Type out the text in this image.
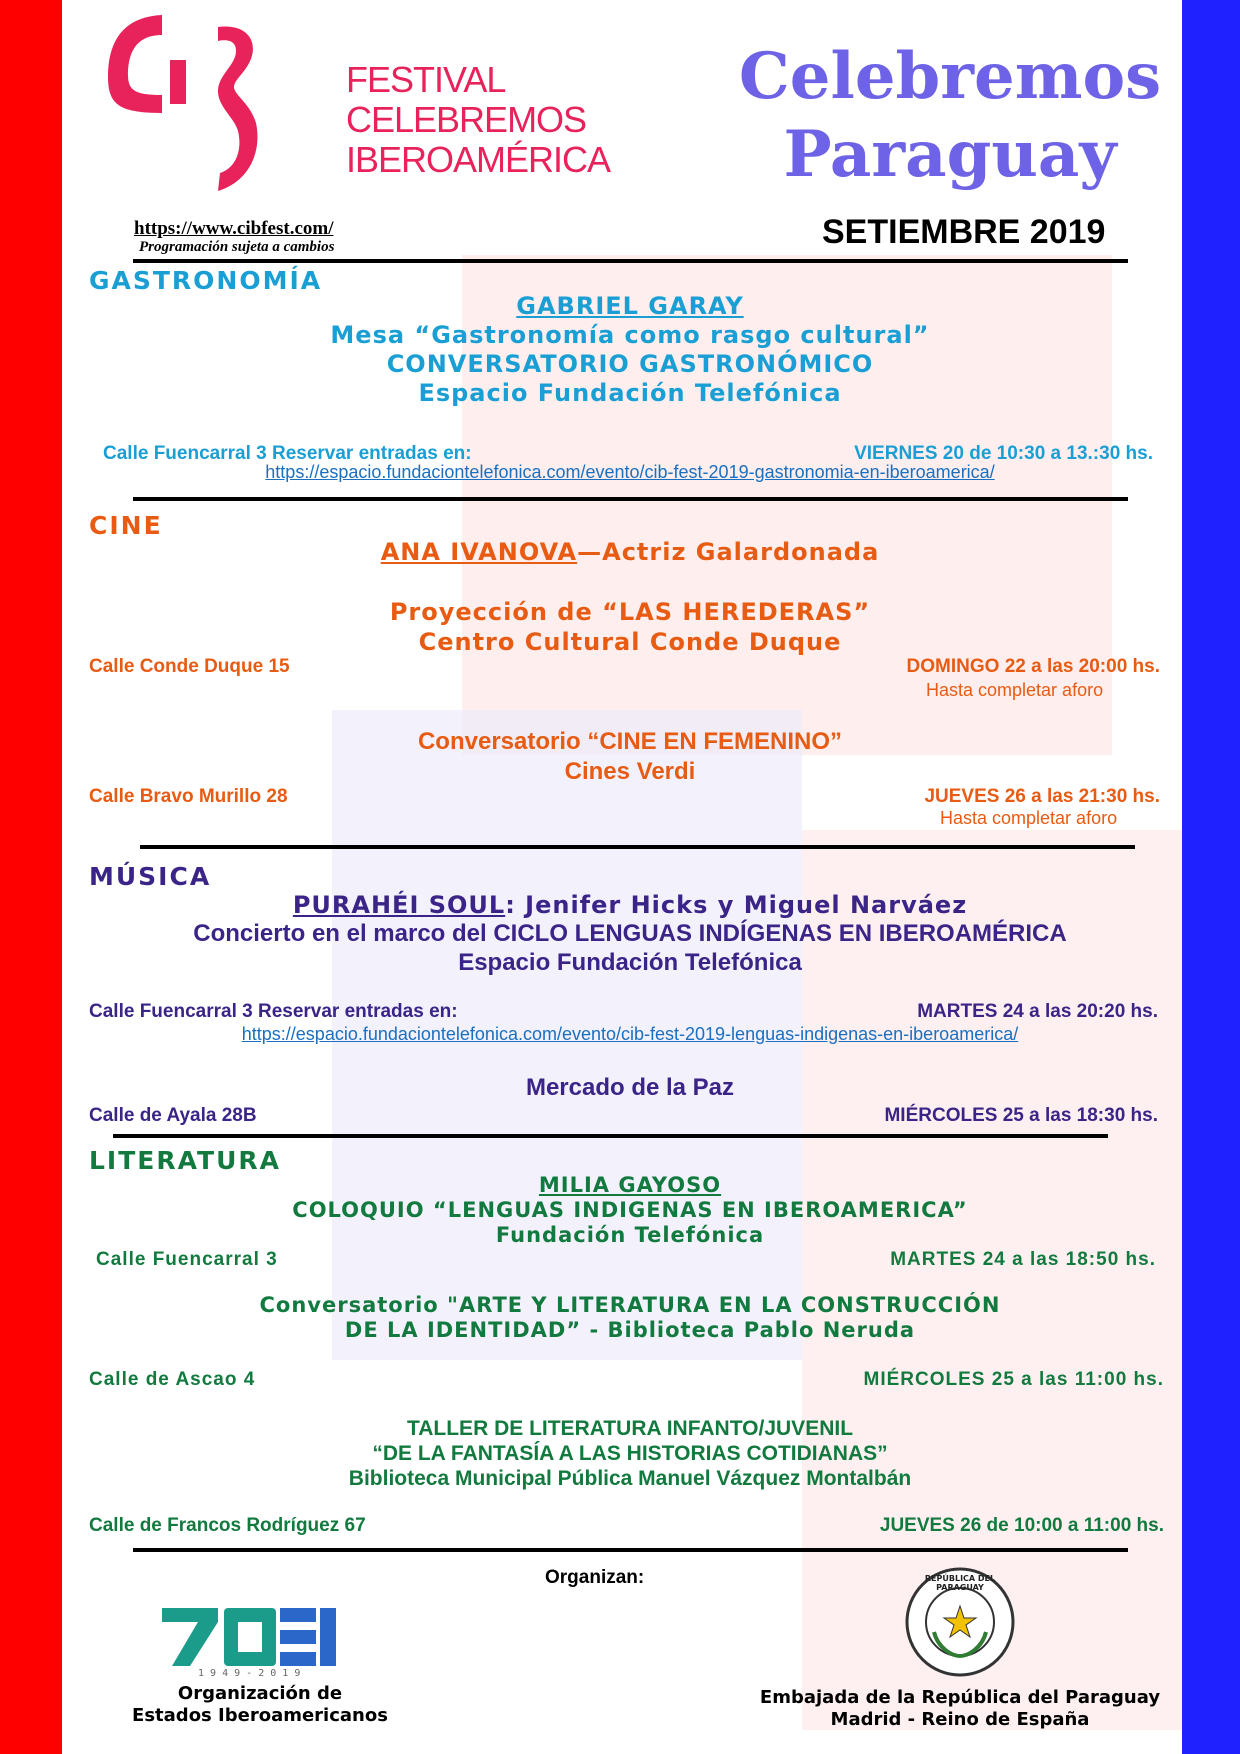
FESTIVAL
CELEBREMOS
IBEROAMÉRICA
Celebremos
Paraguay
https://www.cibfest.com/
Programación sujeta a cambios	SETIEMBRE 2019
GASTRONOMÍA
GABRIEL GARAY
Mesa “Gastronomía como rasgo cultural”
CONVERSATORIO GASTRONÓMICO
Espacio Fundación Telefónica
Calle Fuencarral 3 Reservar entradas en:	VIERNES 20 de 10:30 a 13.:30 hs.
https://espacio.fundaciontelefonica.com/evento/cib-fest-2019-gastronomia-en-iberoamerica/
CINE
ANA IVANOVA—Actriz Galardonada
Proyección de “LAS HEREDERAS”
Centro Cultural Conde Duque
Calle Conde Duque 15	DOMINGO 22 a las 20:00 hs.
Hasta completar aforo
Conversatorio “CINE EN FEMENINO”
Cines Verdi
Calle Bravo Murillo 28	JUEVES 26 a las 21:30 hs.
Hasta completar aforo
MÚSICA
PURAHÉI SOUL: Jenifer Hicks y Miguel Narváez
Concierto en el marco del CICLO LENGUAS INDÍGENAS EN IBEROAMÉRICA
Espacio Fundación Telefónica
Calle Fuencarral 3 Reservar entradas en:	MARTES 24 a las 20:20 hs.
https://espacio.fundaciontelefonica.com/evento/cib-fest-2019-lenguas-indigenas-en-iberoamerica/
Mercado de la Paz
Calle de Ayala 28B	MIÉRCOLES 25 a las 18:30 hs.
LITERATURA
MILIA GAYOSO
COLOQUIO “LENGUAS INDIGENAS EN IBEROAMERICA”
Fundación Telefónica
Calle Fuencarral 3	MARTES 24 a las 18:50 hs.
Conversatorio "ARTE Y LITERATURA EN LA CONSTRUCCIÓN
DE LA IDENTIDAD” - Biblioteca Pablo Neruda
Calle de Ascao 4	MIÉRCOLES 25 a las 11:00 hs.
TALLER DE LITERATURA INFANTO/JUVENIL
“DE LA FANTASÍA A LAS HISTORIAS COTIDIANAS”
Biblioteca Municipal Pública Manuel Vázquez Montalbán
Calle de Francos Rodríguez 67	JUEVES 26 de 10:00 a 11:00 hs.
Organizan:
1 9 4 9 - 2 0 1 9
Organización de
Estados Iberoamericanos
REPÚBLICA DEL PARAGUAY
Embajada de la República del Paraguay
Madrid - Reino de España
